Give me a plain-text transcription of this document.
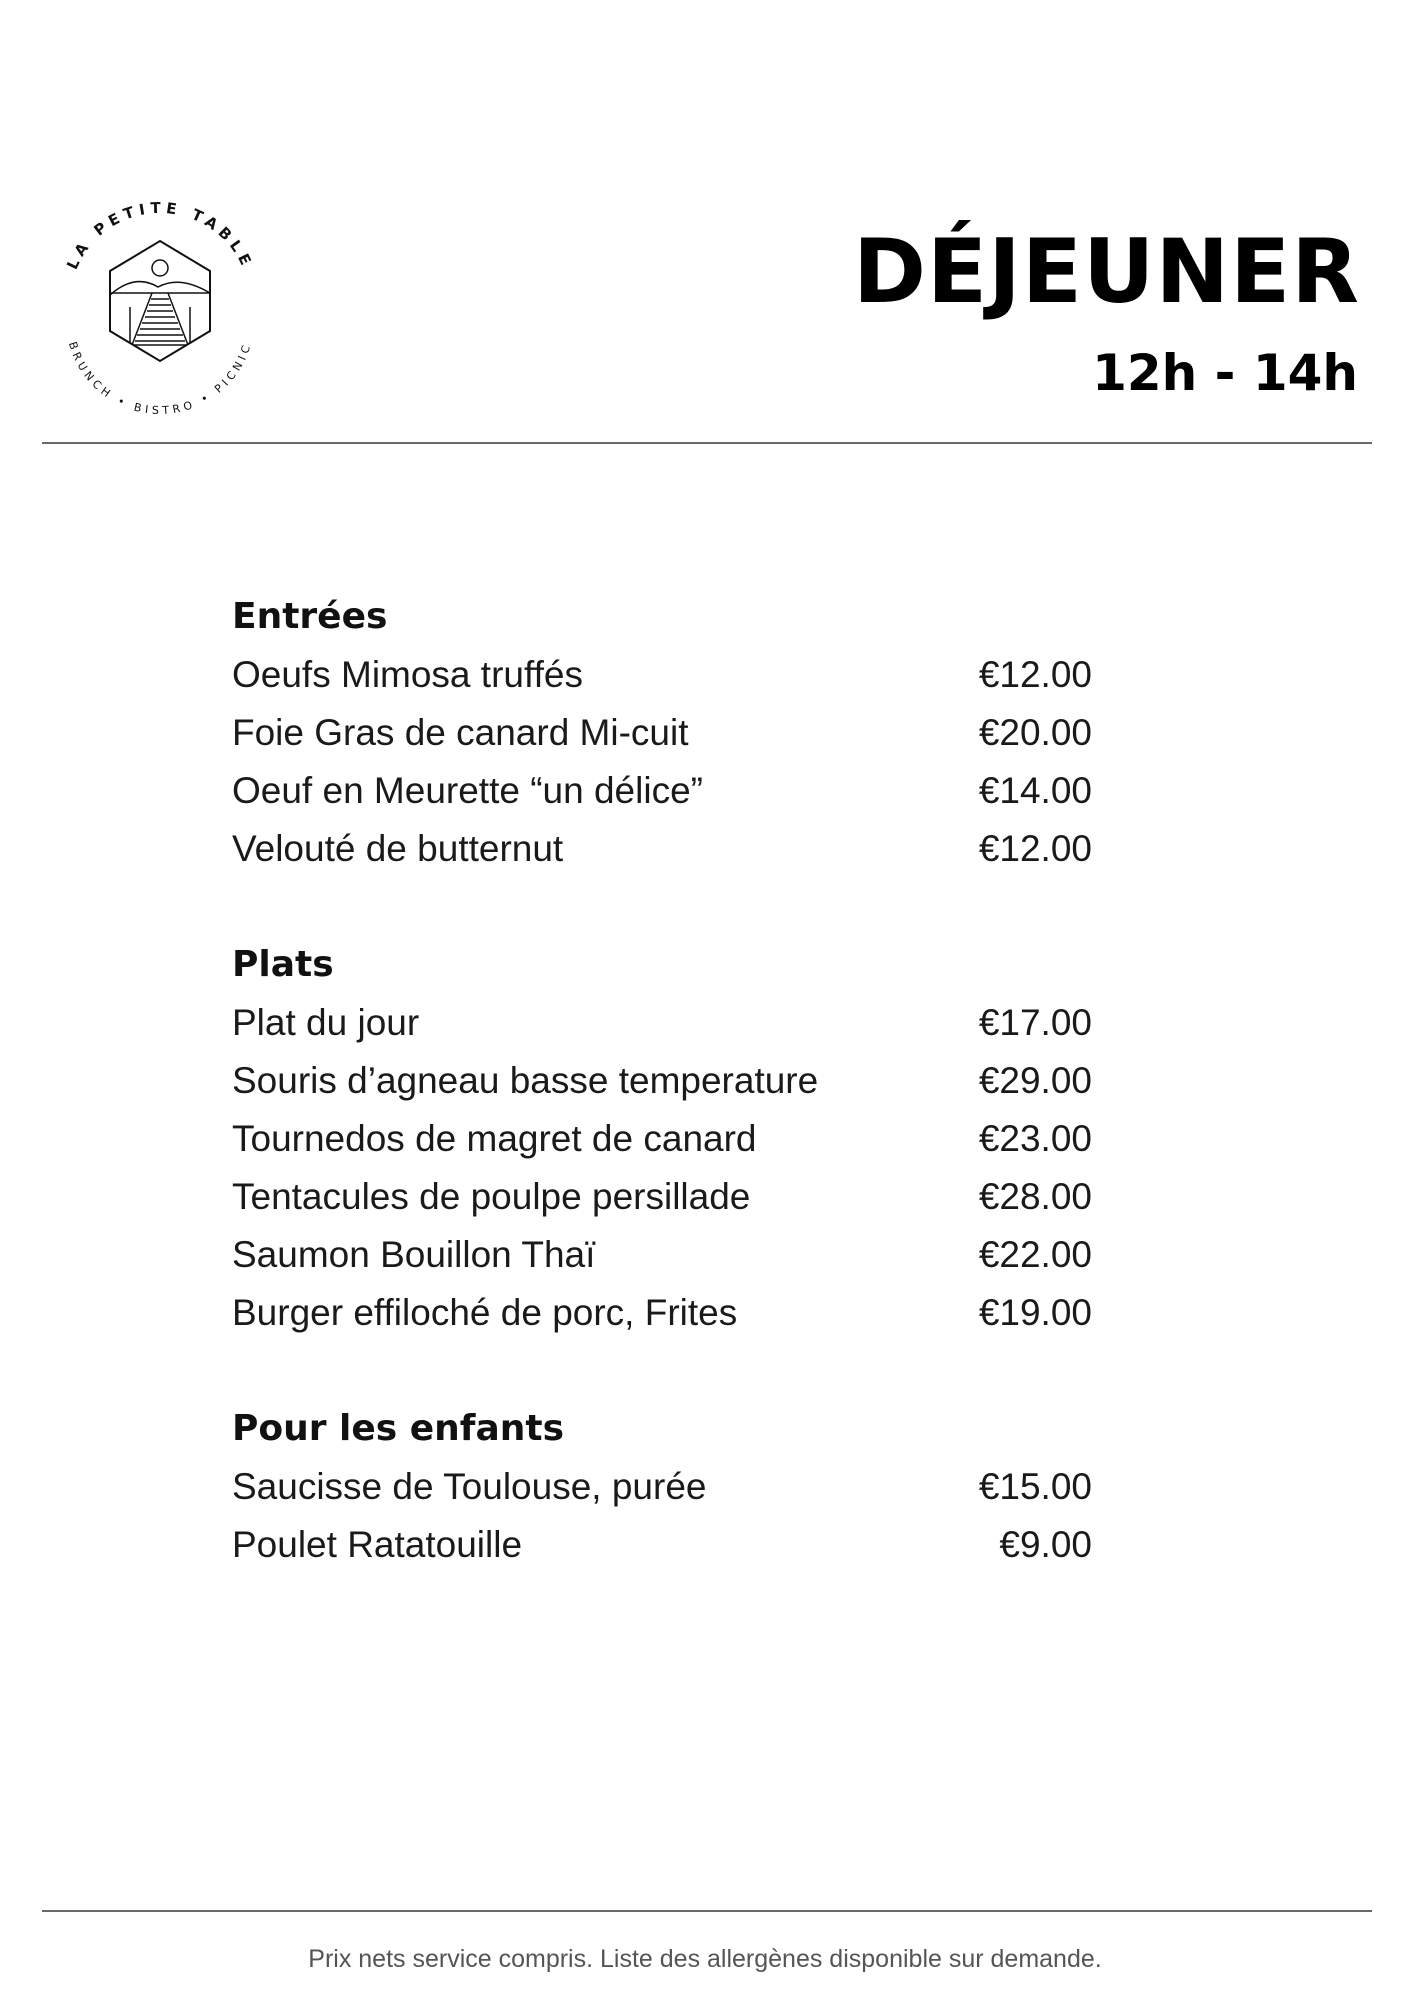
LA PETITE TABLE
BRUNCH • BISTRO • PICNIC
DÉJEUNER
12h - 14h
Entrées
Oeufs Mimosa truffés	€12.00
Foie Gras de canard Mi-cuit	€20.00
Oeuf en Meurette “un délice”	€14.00
Velouté de butternut	€12.00
Plats
Plat du jour	€17.00
Souris d’agneau basse temperature	€29.00
Tournedos de magret de canard	€23.00
Tentacules de poulpe persillade	€28.00
Saumon Bouillon Thaï	€22.00
Burger effiloché de porc, Frites	€19.00
Pour les enfants
Saucisse de Toulouse, purée	€15.00
Poulet Ratatouille	€9.00
Prix nets service compris. Liste des allergènes disponible sur demande.
